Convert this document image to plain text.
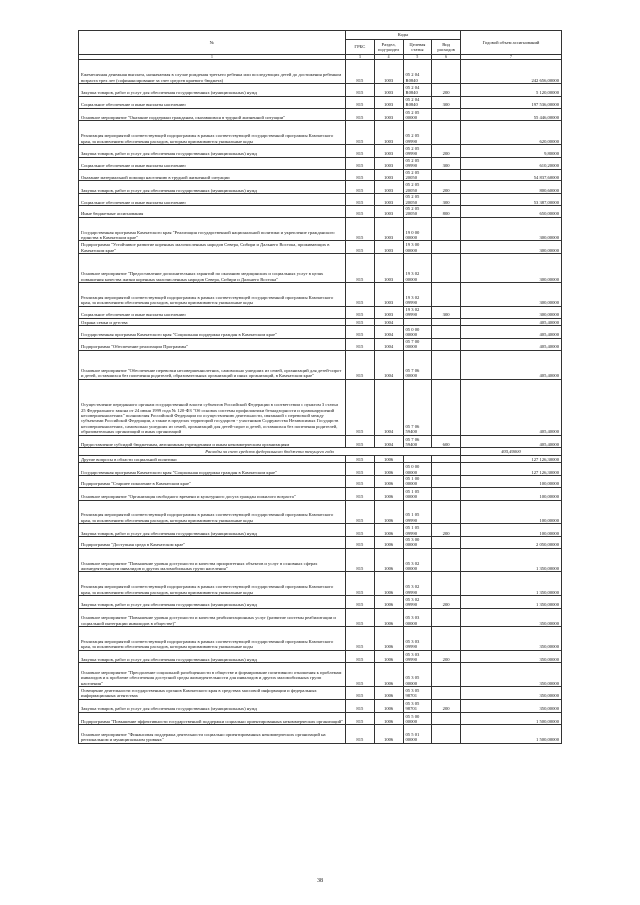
№	Коды				Годовой объем ассигнований
	ГРБС	Раздел, под-раздел	Целевая статья	Вид расходов	
1	3	4	5	6	7
Ежемесячная денежная выплата, назначаемая в случае рождения третьего ребенка или последующих детей до достижения ребенком возраста трех лет (софинансирование за счет средств краевого бюджета)	815	1003	05 2 04 R0840		242 656,00000
Закупка товаров, работ и услуг для обеспечения государственных (муниципальных) нужд	815	1003	05 2 04 R0840	200	5 120,00000
Социальное обеспечение и иные выплаты населению	815	1003	05 2 04 R0840	300	197 536,00000
Основное мероприятие "Оказание поддержки гражданам, оказавшимся в трудной жизненной ситуации"	815	1003	05 2 05 00000		55 446,00000
Реализация мероприятий соответствующей подпрограммы в рамках соответствующей государственной программы Камчатского края, за исключением обеспечения расходов, которым присваиваются уникальные коды	815	1003	05 2 05 09990		620,00000
Закупка товаров, работ и услуг для обеспечения государственных (муниципальных) нужд	815	1003	05 2 05 09990	200	9,80000
Социальное обеспечение и иные выплаты населению	815	1003	05 2 05 09990	300	610,20000
Оказание материальной помощи населению в трудной жизненной ситуации	815	1003	05 2 05 20050		54 837,60000
Закупка товаров, работ и услуг для обеспечения государственных (муниципальных) нужд	815	1003	05 2 05 20050	200	800,60000
Социальное обеспечение и иные выплаты населению	815	1003	05 2 05 20050	300	53 387,00000
Иные бюджетные ассигнования	815	1003	05 2 05 20050	800	650,00000
Государственная программа Камчатского края "Реализация государственной национальной политики и укрепление гражданского единства в Камчатском крае"	815	1003	19 0 00 00000		300,00000
Подпрограмма "Устойчивое развитие коренных малочисленных народов Севера, Сибири и Дальнего Востока, проживающих в Камчатском крае"	815	1003	19 3 00 00000		300,00000
Основное мероприятие "Предоставление дополнительных гарантий по оказанию медицинских и социальных услуг в целях повышения качества жизни коренных малочисленных народов Севера, Сибири и Дальнего Востока"	815	1003	19 3 02 00000		300,00000
Реализация мероприятий соответствующей подпрограммы в рамках соответствующей государственной программы Камчатского края, за исключением обеспечения расходов, которым присваиваются уникальные коды	815	1003	19 3 02 09990		300,00000
Социальное обеспечение и иные выплаты населению	815	1003	19 3 02 09990	300	300,00000
Охрана семьи и детства	815	1004			405,40000
Государственная программа Камчатского края "Социальная поддержка граждан в Камчатском крае"	815	1004	05 0 00 00000		405,40000
Подпрограмма "Обеспечение реализации Программы"	815	1004	05 7 00 00000		405,40000
Основное мероприятие "Обеспечение перевозки несовершеннолетних, самовольно ушедших из семей, организаций для детей-сирот и детей, оставшихся без попечения родителей, образовательных организаций и иных организаций, в Камчатском крае"	815	1004	05 7 06 00000		405,40000
Осуществление переданного органам государственной власти субъектов Российской Федерации в соответствии с пунктом 3 статьи 25 Федерального закона от 24 июня 1999 года № 120-ФЗ "Об основах системы профилактики безнадзорности и правонарушений несовершеннолетних" полномочия Российской Федерации по осуществлению деятельности, связанной с перевозкой между субъектами Российской Федерации, а также в пределах территорий государств - участников Содружества Независимых Государств несовершеннолетних, самовольно ушедших из семей, организаций для детей-сирот и детей, оставшихся без попечения родителей, образовательных организаций и иных организаций	815	1004	05 7 06 59400		405,40000
Предоставление субсидий бюджетным, автономным учреждениям и иным некоммерческим организациям	815	1004	05 7 06 59400	600	405,40000
Расходы за счет средств федерального бюджета текущего года					405,40000
Другие вопросы в области социальной политики	815	1006			127 126,30000
Государственная программа Камчатского края "Социальная поддержка граждан в Камчатском крае"	815	1006	05 0 00 00000		127 126,30000
Подпрограмма "Старшее поколение в Камчатском крае"	815	1006	05 1 00 00000		100,00000
Основное мероприятие "Организация свободного времени и культурного досуга граждан пожилого возраста"	815	1006	05 1 05 00000		100,00000
Реализация мероприятий соответствующей подпрограммы в рамках соответствующей государственной программы Камчатского края, за исключением обеспечения расходов, которым присваиваются уникальные коды	815	1006	05 1 05 09990		100,00000
Закупка товаров, работ и услуг для обеспечения государственных (муниципальных) нужд	815	1006	05 1 05 09990	200	100,00000
Подпрограмма "Доступная среда в Камчатском крае"	815	1006	05 3 00 00000		2 050,00000
Основное мероприятие "Повышение уровня доступности и качества приоритетных объектов и услуг в основных сферах жизнедеятельности инвалидов и других маломобильных групп населения"	815	1006	05 3 02 00000		1 350,00000
Реализация мероприятий соответствующей подпрограммы в рамках соответствующей государственной программы Камчатского края, за исключением обеспечения расходов, которым присваиваются уникальные коды	815	1006	05 3 02 09990		1 350,00000
Закупка товаров, работ и услуг для обеспечения государственных (муниципальных) нужд	815	1006	05 3 02 09990	200	1 350,00000
Основное мероприятие "Повышение уровня доступности и качества реабилитационных услуг (развитие системы реабилитации и социальной интеграции инвалидов в обществе)"	815	1006	05 3 03 00000		350,00000
Реализация мероприятий соответствующей подпрограммы в рамках соответствующей государственной программы Камчатского края, за исключением обеспечения расходов, которым присваиваются уникальные коды	815	1006	05 3 03 09990		350,00000
Закупка товаров, работ и услуг для обеспечения государственных (муниципальных) нужд	815	1006	05 3 03 09990	200	350,00000
Основное мероприятие "Преодоление социальной разобщенности в обществе и формирование позитивного отношения к проблемам инвалидов и к проблеме обеспечения доступной среды жизнедеятельности для инвалидов и других маломобильных групп населения"	815	1006	05 3 05 00000		350,00000
Освещение деятельности государственных органов Камчатского края в средствах массовой информации и федеральных информационных агентствах	815	1006	05 3 05 98701		350,00000
Закупка товаров, работ и услуг для обеспечения государственных (муниципальных) нужд	815	1006	05 3 05 98701	200	350,00000
Подпрограмма "Повышение эффективности государственной поддержки социально ориентированных некоммерческих организаций"	815	1006	05 5 00 00000		1 500,00000
Основное мероприятие "Финансовая поддержка деятельности социально ориентированных некоммерческих организаций на региональном и муниципальном уровнях"	815	1006	05 5 01 00000		1 500,00000
38
